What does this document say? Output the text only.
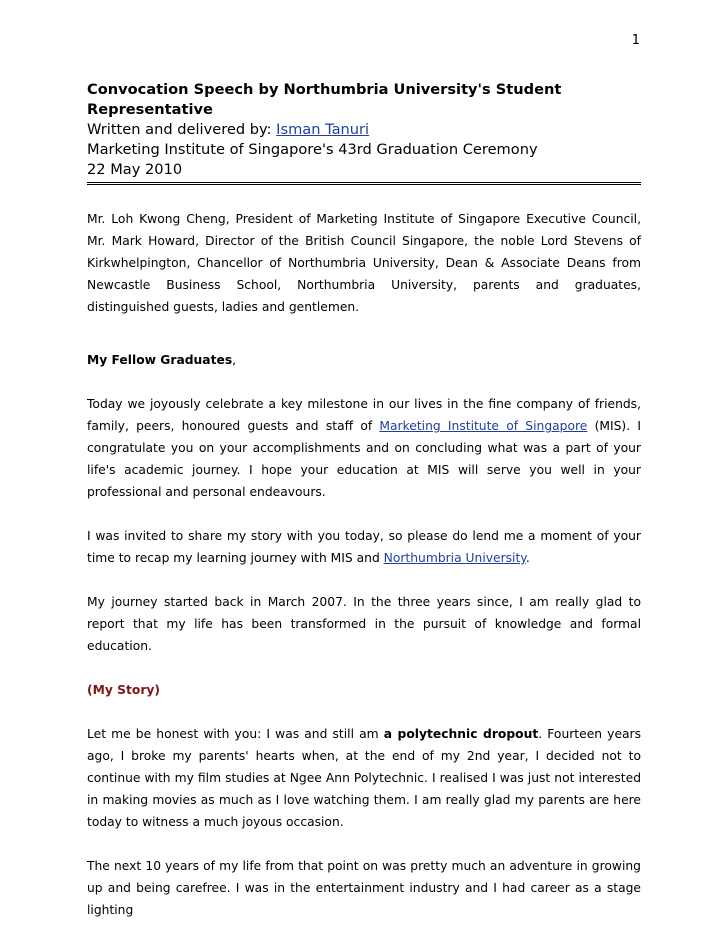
1
Convocation Speech by Northumbria University's Student Representative
Written and delivered by: Isman Tanuri
Marketing Institute of Singapore's 43rd Graduation Ceremony
22 May 2010

Mr. Loh Kwong Cheng, President of Marketing Institute of Singapore Executive Council, Mr. Mark Howard, Director of the British Council Singapore, the noble Lord Stevens of Kirkwhelpington, Chancellor of Northumbria University, Dean & Associate Deans from Newcastle Business School, Northumbria University, parents and graduates, distinguished guests, ladies and gentlemen.

My Fellow Graduates,

Today we joyously celebrate a key milestone in our lives in the fine company of friends, family, peers, honoured guests and staff of Marketing Institute of Singapore (MIS). I congratulate you on your accomplishments and on concluding what was a part of your life's academic journey. I hope your education at MIS will serve you well in your professional and personal endeavours.

I was invited to share my story with you today, so please do lend me a moment of your time to recap my learning journey with MIS and Northumbria University.

My journey started back in March 2007. In the three years since, I am really glad to report that my life has been transformed in the pursuit of knowledge and formal education.

(My Story)

Let me be honest with you: I was and still am a polytechnic dropout. Fourteen years ago, I broke my parents' hearts when, at the end of my 2nd year, I decided not to continue with my film studies at Ngee Ann Polytechnic. I realised I was just not interested in making movies as much as I love watching them. I am really glad my parents are here today to witness a much joyous occasion.

The next 10 years of my life from that point on was pretty much an adventure in growing up and being carefree. I was in the entertainment industry and I had career as a stage lighting
